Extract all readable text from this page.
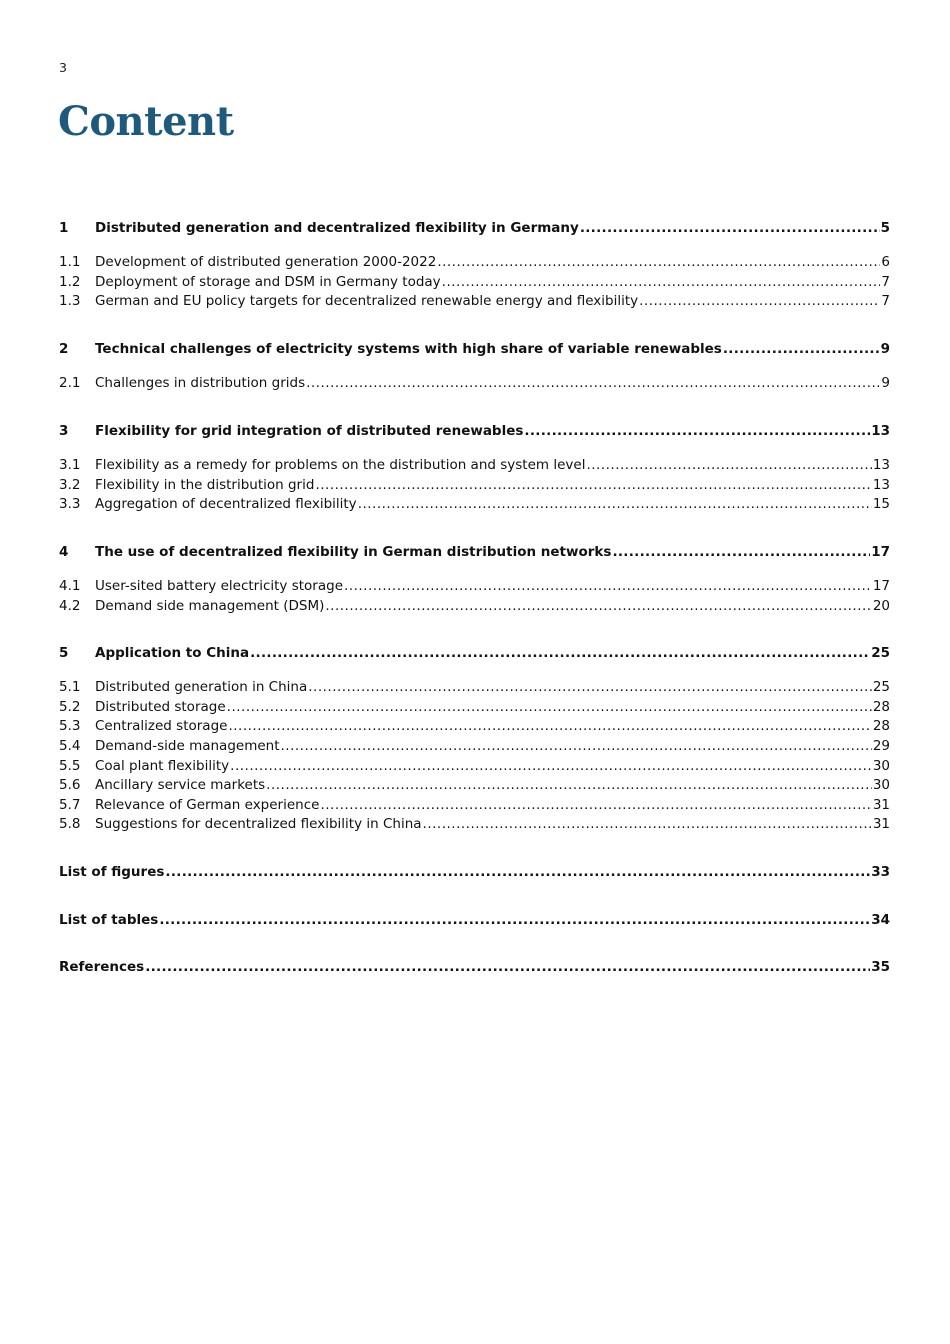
3
Content
1	Distributed generation and decentralized flexibility in Germany .....	5
1.1	Development of distributed generation 2000-2022 .....	6
1.2	Deployment of storage and DSM in Germany today .....	7
1.3	German and EU policy targets for decentralized renewable energy and flexibility .....	7
2	Technical challenges of electricity systems with high share of variable renewables .....	9
2.1	Challenges in distribution grids .....	9
3	Flexibility for grid integration of distributed renewables .....	13
3.1	Flexibility as a remedy for problems on the distribution and system level .....	13
3.2	Flexibility in the distribution grid .....	13
3.3	Aggregation of decentralized flexibility .....	15
4	The use of decentralized flexibility in German distribution networks .....	17
4.1	User-sited battery electricity storage .....	17
4.2	Demand side management (DSM) .....	20
5	Application to China .....	25
5.1	Distributed generation in China .....	25
5.2	Distributed storage .....	28
5.3	Centralized storage .....	28
5.4	Demand-side management .....	29
5.5	Coal plant flexibility .....	30
5.6	Ancillary service markets .....	30
5.7	Relevance of German experience .....	31
5.8	Suggestions for decentralized flexibility in China .....	31
List of figures .....	33
List of tables .....	34
References .....	35
